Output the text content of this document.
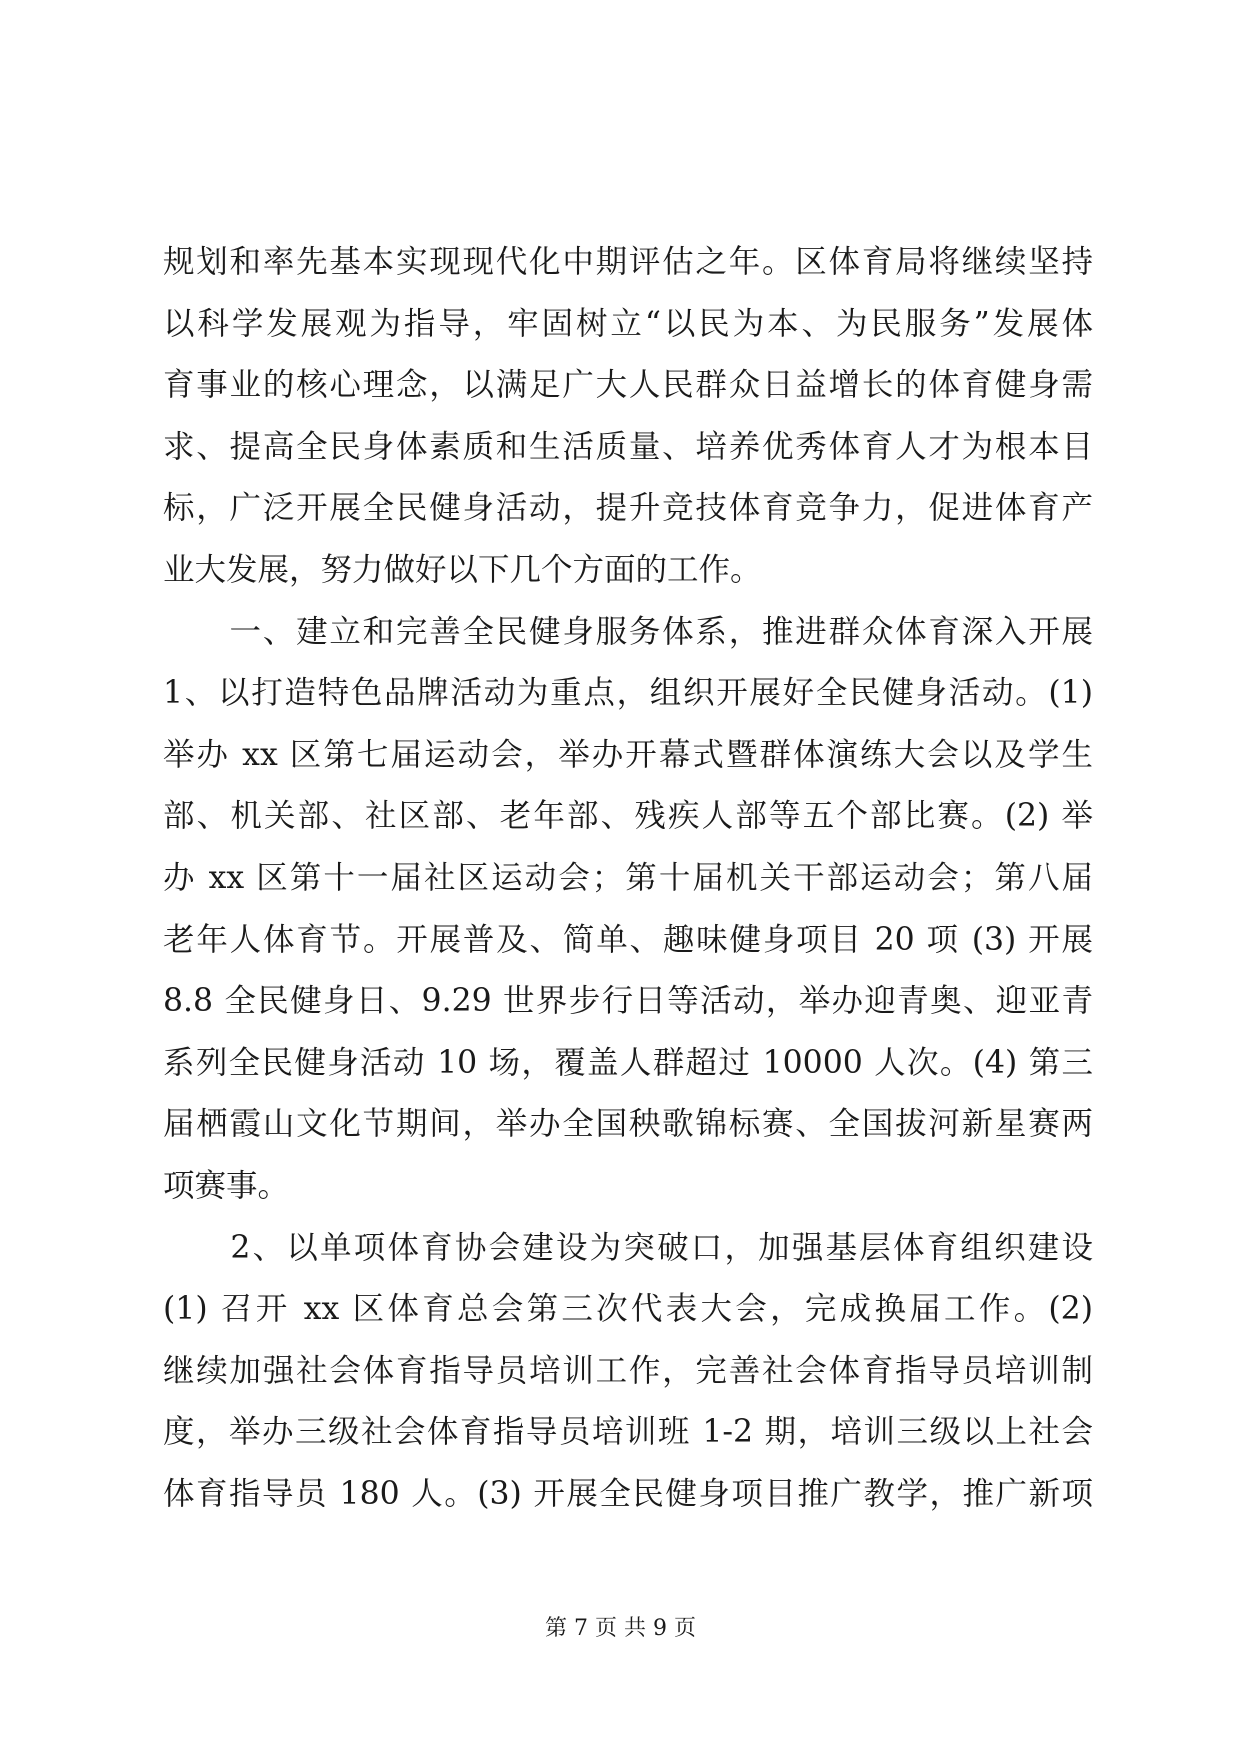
规划和率先基本实现现代化中期评估之年。区体育局将继续坚持
以科学发展观为指导，牢固树立“以民为本、为民服务”发展体
育事业的核心理念，以满足广大人民群众日益增长的体育健身需
求、提高全民身体素质和生活质量、培养优秀体育人才为根本目
标，广泛开展全民健身活动，提升竞技体育竞争力，促进体育产
业大发展，努力做好以下几个方面的工作。
　　一、建立和完善全民健身服务体系，推进群众体育深入开展
1、以打造特色品牌活动为重点，组织开展好全民健身活动。(1)
举办 xx 区第七届运动会，举办开幕式暨群体演练大会以及学生
部、机关部、社区部、老年部、残疾人部等五个部比赛。(2) 举
办 xx 区第十一届社区运动会；第十届机关干部运动会；第八届
老年人体育节。开展普及、简单、趣味健身项目 20 项 (3) 开展
8.8 全民健身日、9.29 世界步行日等活动，举办迎青奥、迎亚青
系列全民健身活动 10 场，覆盖人群超过 10000 人次。(4) 第三
届栖霞山文化节期间，举办全国秧歌锦标赛、全国拔河新星赛两
项赛事。
　　2、以单项体育协会建设为突破口，加强基层体育组织建设
(1) 召开 xx 区体育总会第三次代表大会，完成换届工作。(2)
继续加强社会体育指导员培训工作，完善社会体育指导员培训制
度，举办三级社会体育指导员培训班 1-2 期，培训三级以上社会
体育指导员 180 人。(3) 开展全民健身项目推广教学，推广新项
第 7 页 共 9 页
